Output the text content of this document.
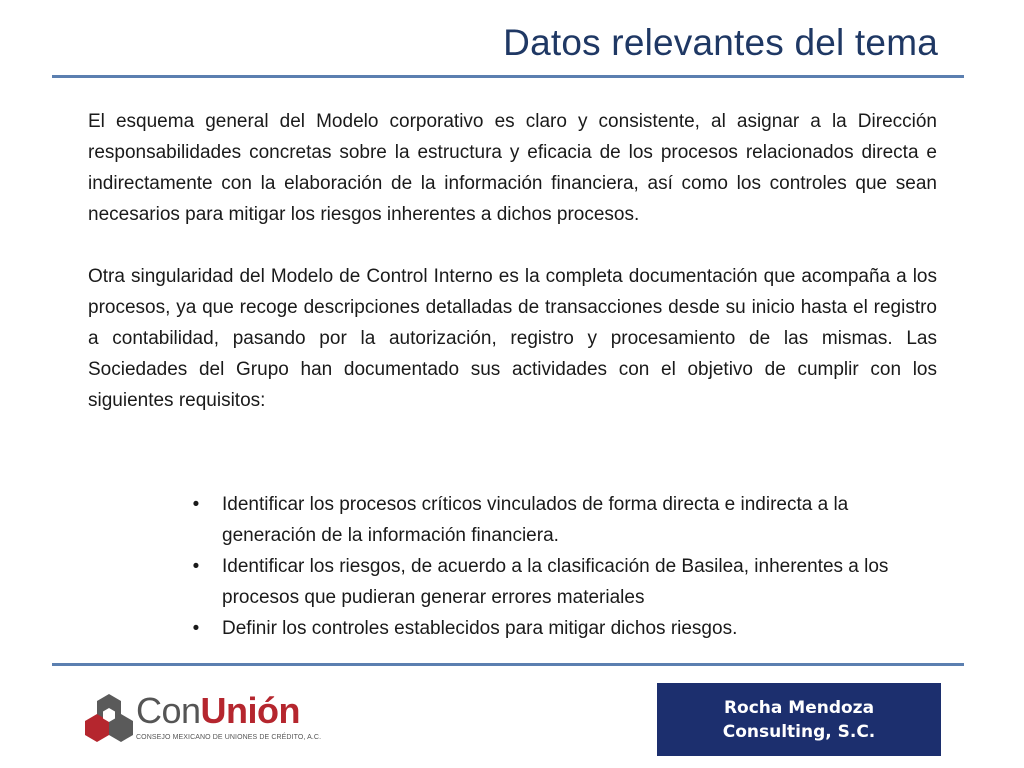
Datos relevantes del tema

El esquema general del Modelo corporativo es claro y consistente, al asignar a la Dirección responsabilidades concretas sobre la estructura y eficacia de los procesos relacionados directa e indirectamente con la elaboración de la información financiera, así como los controles que sean necesarios para mitigar los riesgos inherentes a dichos procesos.

Otra singularidad del Modelo de Control Interno es la completa documentación que acompaña a los procesos, ya que recoge descripciones detalladas de transacciones desde su inicio hasta el registro a contabilidad, pasando por la autorización, registro y procesamiento de las mismas. Las Sociedades del Grupo han documentado sus actividades con el objetivo de cumplir con los siguientes requisitos:

•	Identificar los procesos críticos vinculados de forma directa e indirecta a la generación de la información financiera.
•	Identificar los riesgos, de acuerdo a la clasificación de Basilea, inherentes a los procesos que pudieran generar errores materiales
•	Definir los controles establecidos para mitigar dichos riesgos.
ConUnión
CONSEJO MEXICANO DE UNIONES DE CRÉDITO, A.C.
Rocha Mendoza
Consulting, S.C.
